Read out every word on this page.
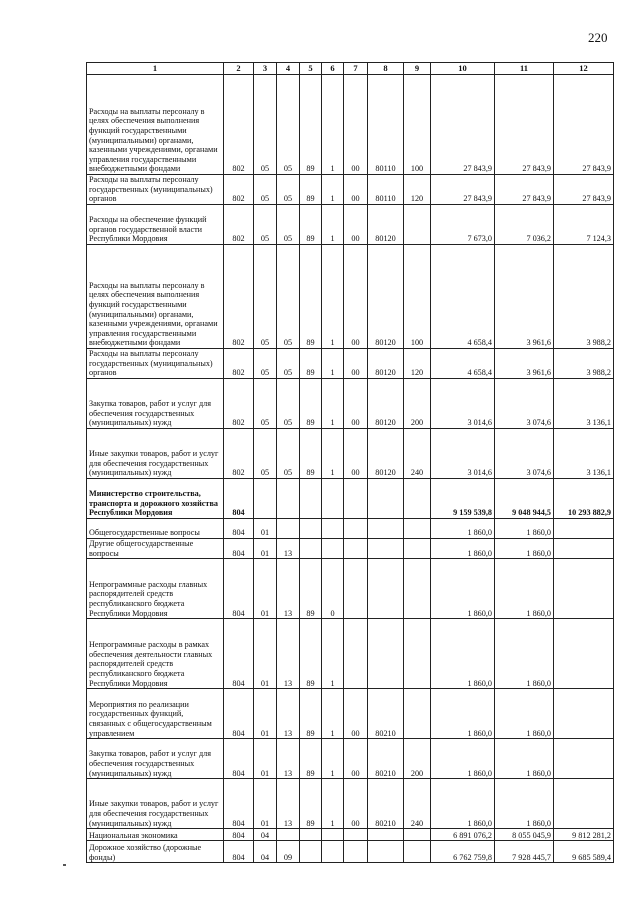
220
1	2	3	4	5	6	7	8	9	10	11	12
Расходы на выплаты персоналу в целях обеспечения выполнения функций государственными (муниципальными) органами, казенными учреждениями, органами управления государственными внебюджетными фондами	802	05	05	89	1	00	80110	100	27 843,9	27 843,9	27 843,9
Расходы на выплаты персоналу государственных (муниципальных) органов	802	05	05	89	1	00	80110	120	27 843,9	27 843,9	27 843,9
Расходы на обеспечение функций органов государственной власти Республики Мордовия	802	05	05	89	1	00	80120		7 673,0	7 036,2	7 124,3
Расходы на выплаты персоналу в целях обеспечения выполнения функций государственными (муниципальными) органами, казенными учреждениями, органами управления государственными внебюджетными фондами	802	05	05	89	1	00	80120	100	4 658,4	3 961,6	3 988,2
Расходы на выплаты персоналу государственных (муниципальных) органов	802	05	05	89	1	00	80120	120	4 658,4	3 961,6	3 988,2
Закупка товаров, работ и услуг для обеспечения государственных (муниципальных) нужд	802	05	05	89	1	00	80120	200	3 014,6	3 074,6	3 136,1
Иные закупки товаров, работ и услуг для обеспечения государственных (муниципальных) нужд	802	05	05	89	1	00	80120	240	3 014,6	3 074,6	3 136,1
Министерство строительства, транспорта и дорожного хозяйства Республики Мордовия	804								9 159 539,8	9 048 944,5	10 293 882,9
Общегосударственные вопросы	804	01							1 860,0	1 860,0	
Другие общегосударственные вопросы	804	01	13						1 860,0	1 860,0	
Непрограммные расходы главных распорядителей средств республиканского бюджета Республики Мордовия	804	01	13	89	0				1 860,0	1 860,0	
Непрограммные расходы в рамках обеспечения деятельности главных распорядителей средств республиканского бюджета Республики Мордовия	804	01	13	89	1				1 860,0	1 860,0	
Мероприятия по реализации государственных функций, связанных с общегосударственным управлением	804	01	13	89	1	00	80210		1 860,0	1 860,0	
Закупка товаров, работ и услуг для обеспечения государственных (муниципальных) нужд	804	01	13	89	1	00	80210	200	1 860,0	1 860,0	
Иные закупки товаров, работ и услуг для обеспечения государственных (муниципальных) нужд	804	01	13	89	1	00	80210	240	1 860,0	1 860,0	
Национальная экономика	804	04							6 891 076,2	8 055 045,9	9 812 281,2
Дорожное хозяйство (дорожные фонды)	804	04	09						6 762 759,8	7 928 445,7	9 685 589,4
